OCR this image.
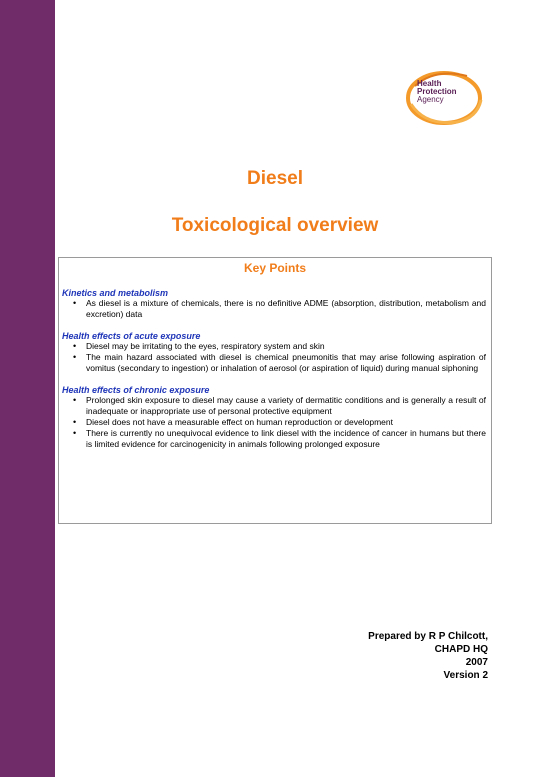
Health
Protection
Agency
Diesel
Toxicological overview
Key Points
Kinetics and metabolism
• As diesel is a mixture of chemicals, there is no definitive ADME (absorption, distribution, metabolism and excretion) data
Health effects of acute exposure
• Diesel may be irritating to the eyes, respiratory system and skin
• The main hazard associated with diesel is chemical pneumonitis that may arise following aspiration of vomitus (secondary to ingestion) or inhalation of aerosol (or aspiration of liquid) during manual siphoning
Health effects of chronic exposure
• Prolonged skin exposure to diesel may cause a variety of dermatitic conditions and is generally a result of inadequate or inappropriate use of personal protective equipment
• Diesel does not have a measurable effect on human reproduction or development
• There is currently no unequivocal evidence to link diesel with the incidence of cancer in humans but there is limited evidence for carcinogenicity in animals following prolonged exposure
Prepared by R P Chilcott,
CHAPD HQ
2007
Version 2
